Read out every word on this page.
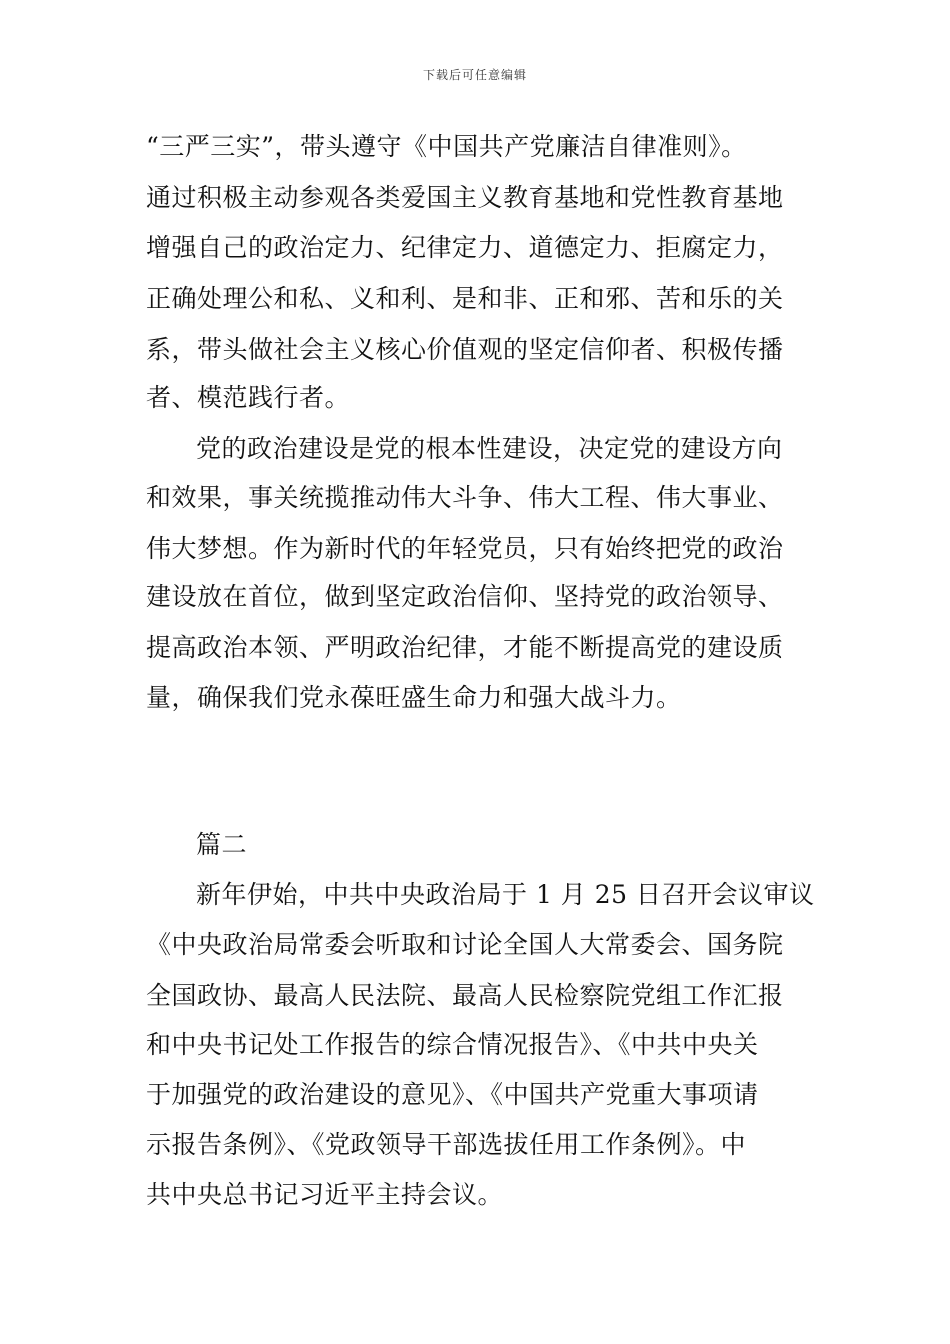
下载后可任意编辑
“三严三实”，带头遵守《中国共产党廉洁自律准则》。
通过积极主动参观各类爱国主义教育基地和党性教育基地
增强自己的政治定力、纪律定力、道德定力、拒腐定力，
正确处理公和私、义和利、是和非、正和邪、苦和乐的关
系，带头做社会主义核心价值观的坚定信仰者、积极传播
者、模范践行者。
党的政治建设是党的根本性建设，决定党的建设方向
和效果，事关统揽推动伟大斗争、伟大工程、伟大事业、
伟大梦想。作为新时代的年轻党员，只有始终把党的政治
建设放在首位，做到坚定政治信仰、坚持党的政治领导、
提高政治本领、严明政治纪律，才能不断提高党的建设质
量，确保我们党永葆旺盛生命力和强大战斗力。
篇二
新年伊始，中共中央政治局于 1 月 25 日召开会议审议
《中央政治局常委会听取和讨论全国人大常委会、国务院
全国政协、最高人民法院、最高人民检察院党组工作汇报
和中央书记处工作报告的综合情况报告》、《中共中央关
于加强党的政治建设的意见》、《中国共产党重大事项请
示报告条例》、《党政领导干部选拔任用工作条例》。中
共中央总书记习近平主持会议。
